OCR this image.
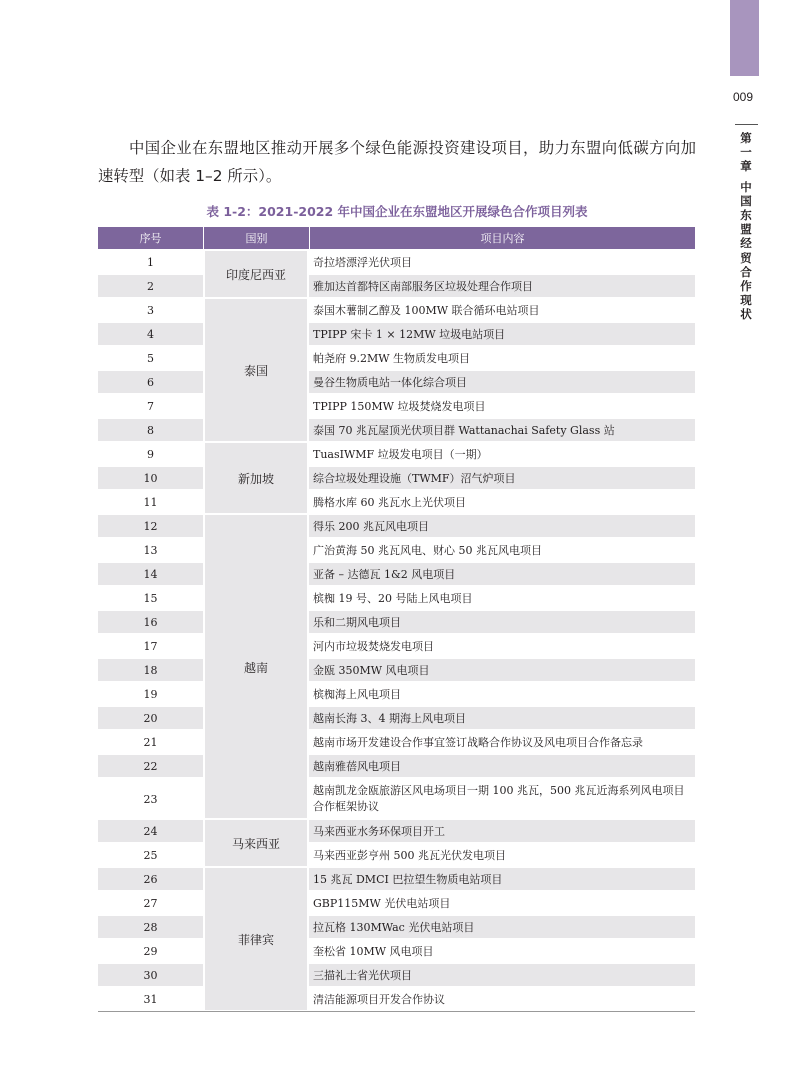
009
第一章
中国东盟经贸合作现状

中国企业在东盟地区推动开展多个绿色能源投资建设项目，助力东盟向低碳方向加速转型（如表 1–2 所示）。

表 1-2：2021-2022 年中国企业在东盟地区开展绿色合作项目列表
序号	国别	项目内容
1	印度尼西亚	奇拉塔漂浮光伏项目
2		雅加达首都特区南部服务区垃圾处理合作项目
3	泰国	泰国木薯制乙醇及 100MW 联合循环电站项目
4		TPIPP 宋卡 1 × 12MW 垃圾电站项目
5		帕尧府 9.2MW 生物质发电项目
6		曼谷生物质电站一体化综合项目
7		TPIPP 150MW 垃圾焚烧发电项目
8		泰国 70 兆瓦屋顶光伏项目群 Wattanachai Safety Glass 站
9	新加坡	TuasIWMF 垃圾发电项目（一期）
10		综合垃圾处理设施（TWMF）沼气炉项目
11		腾格水库 60 兆瓦水上光伏项目
12	越南	得乐 200 兆瓦风电项目
13		广治黄海 50 兆瓦风电、财心 50 兆瓦风电项目
14		亚备 – 达德瓦 1&2 风电项目
15		槟椥 19 号、20 号陆上风电项目
16		乐和二期风电项目
17		河内市垃圾焚烧发电项目
18		金瓯 350MW 风电项目
19		槟椥海上风电项目
20		越南长海 3、4 期海上风电项目
21		越南市场开发建设合作事宜签订战略合作协议及风电项目合作备忘录
22		越南雅蓓风电项目
23		越南凯龙金瓯旅游区风电场项目一期 100 兆瓦，500 兆瓦近海系列风电项目合作框架协议
24	马来西亚	马来西亚水务环保项目开工
25		马来西亚彭亨州 500 兆瓦光伏发电项目
26	菲律宾	15 兆瓦 DMCI 巴拉望生物质电站项目
27		GBP115MW 光伏电站项目
28		拉瓦格 130MWac 光伏电站项目
29		奎松省 10MW 风电项目
30		三描礼士省光伏项目
31		清洁能源项目开发合作协议
